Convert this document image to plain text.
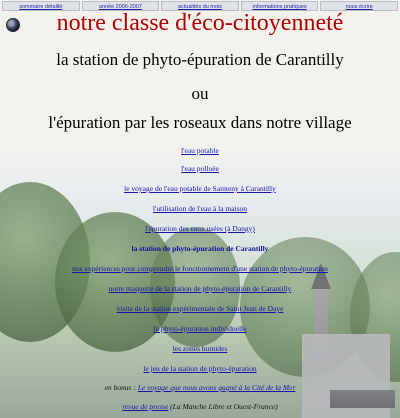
sommaire détaillé	année 2006-2007	actualités du mois	informations pratiques	nous écrire
notre classe d'éco-citoyenneté

la station de phyto-épuration de Carantilly

ou

l'épuration par les roseaux dans notre village

l'eau potable
l'eau polluée
le voyage de l'eau potable de Sainteny à Carantilly
l'utilisation de l'eau à la maison
l'épuration des eaux usées (à Dangy)
la station de phyto-épuration de Carantilly
nos expériences pour comprendre le fonctionnement d'une station de phyto-épuration
notre maquette de la station de phyto-épuration de Carantilly
visite de la station expérimentale de Saint Jean de Daye
la phyto-épuration individuelle
les zones humides
le jeu de la station de phyto-épuration
en bonus : Le voyage que nous avons gagné à la Cité de la Mer
revue de presse (La Manche Libre et Ouest-France)
